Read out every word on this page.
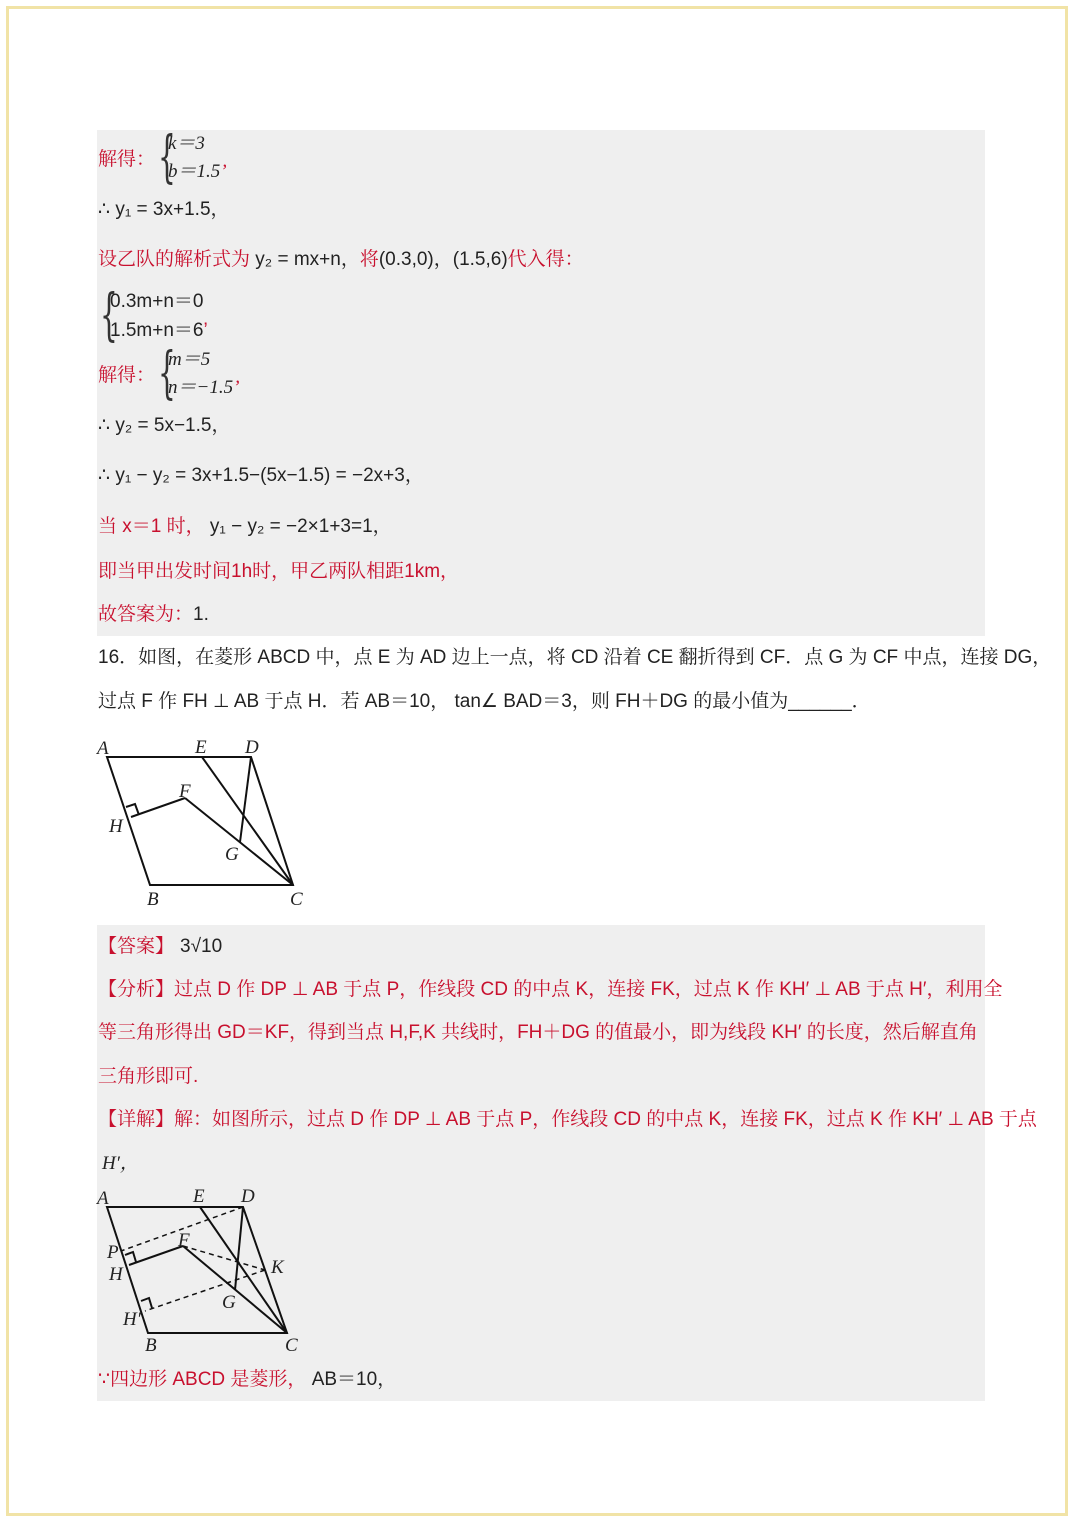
解得： {
k＝3
b＝1.5’
∴ y₁ = 3x+1.5，
设乙队的解析式为 y₂ = mx+n，将(0.3,0)，(1.5,6)代入得：
{
0.3m+n＝0
1.5m+n＝6’
解得： {
m＝5
n＝−1.5’
∴ y₂ = 5x−1.5，
∴ y₁ − y₂ = 3x+1.5−(5x−1.5) = −2x+3，
当 x＝1 时， y₁ − y₂ = −2×1+3=1，
即当甲出发时间1h时，甲乙两队相距1km，
故答案为：1.
16．如图，在菱形 ABCD 中，点 E 为 AD 边上一点，将 CD 沿着 CE 翻折得到 CF．点 G 为 CF 中点，连接 DG，
过点 F 作 FH ⊥ AB 于点 H．若 AB＝10， tan∠ BAD＝3，则 FH＋DG 的最小值为______．
A	E D
F
H
G
B	C
【答案】 3√10
【分析】过点 D 作 DP ⊥ AB 于点 P，作线段 CD 的中点 K，连接 FK，过点 K 作 KH′ ⊥ AB 于点 H′，利用全
等三角形得出 GD＝KF，得到当点 H,F,K 共线时，FH＋DG 的值最小，即为线段 KH′ 的长度，然后解直角
三角形即可.
【详解】解：如图所示，过点 D 作 DP ⊥ AB 于点 P，作线段 CD 的中点 K，连接 FK，过点 K 作 KH′ ⊥ AB 于点
H′，
A	E D
P
F
H	K
G
H′
B	C
∵四边形 ABCD 是菱形， AB＝10，
